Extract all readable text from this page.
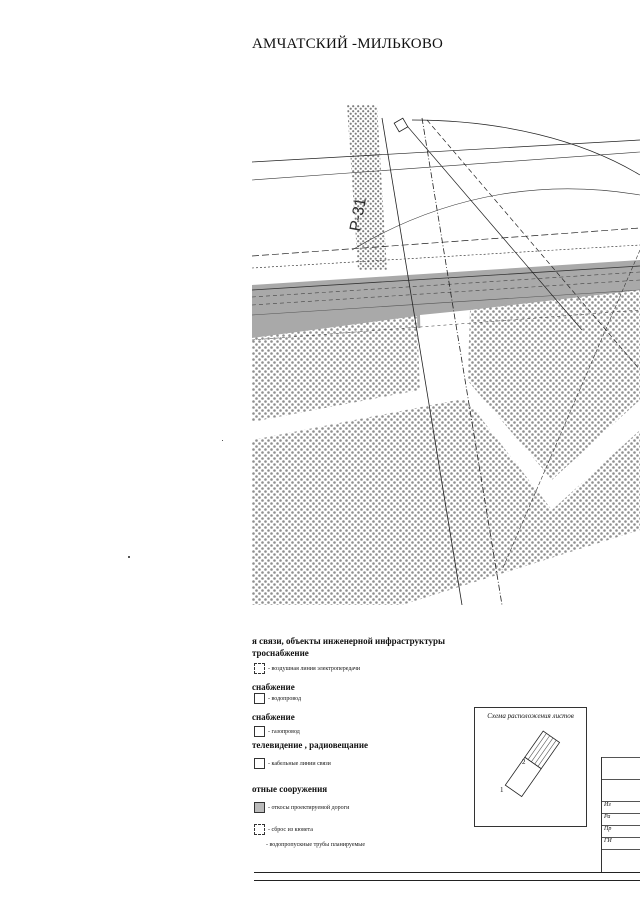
АМЧАТСКИЙ -МИЛЬКОВО
Р-31
я связи, объекты инженерной инфраструктуры
троснабжение
- воздушная линия электропередачи
снабжение
- водопровод
снабжение
- газопровод
телевидение , радиовещание
- кабельные линии связи
отные сооружения
- откосы проектируемой дороги
- сброс из кювета
- водопропускные трубы планируемые
Схема расположения листов
2
1
Из
Ра
Пр
ГИ
